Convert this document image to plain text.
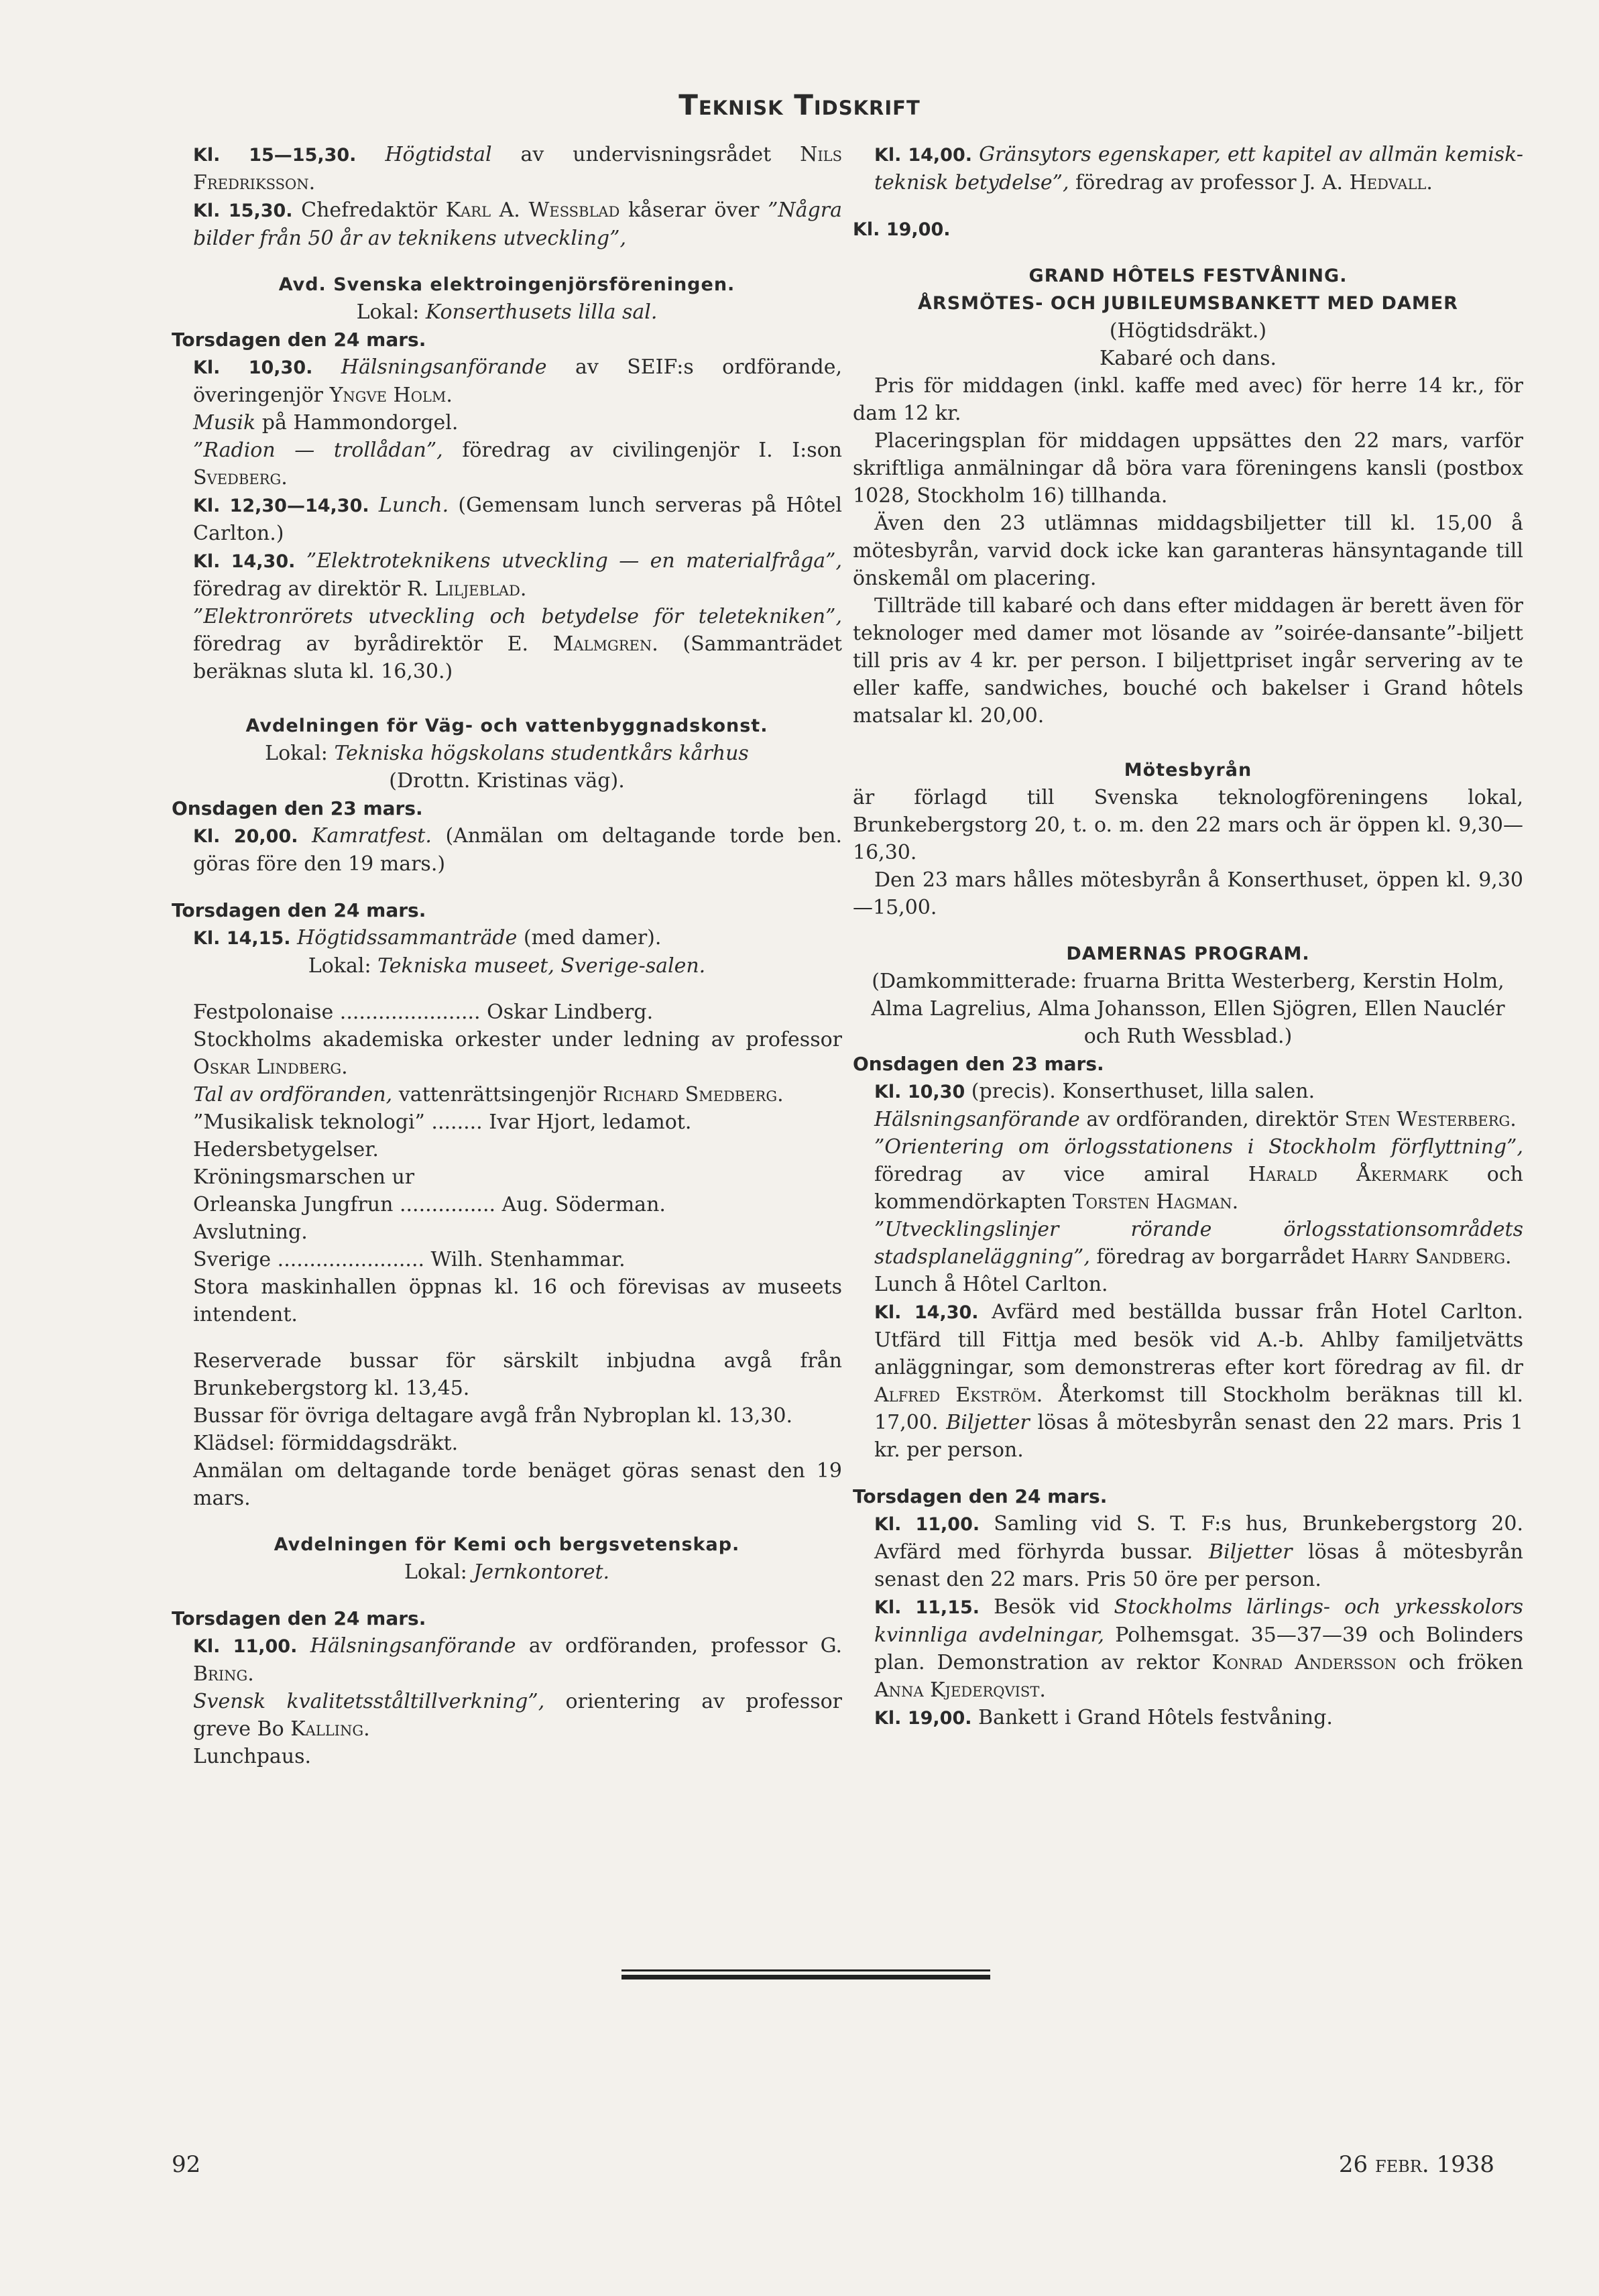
Teknisk Tidskrift

Kl. 15—15,30. Högtidstal av undervisningsrådet Nils Fredriksson.

Kl. 15,30. Chefredaktör Karl A. Wessblad kåserar över ”Några bilder från 50 år av teknikens utveckling”,

Avd. Svenska elektroingenjörsföreningen.

Lokal: Konserthusets lilla sal.

Torsdagen den 24 mars.

Kl. 10,30. Hälsningsanförande av SEIF:s ordförande, överingenjör Yngve Holm.

Musik på Hammondorgel.

”Radion — trollådan”, föredrag av civilingenjör I. I:son Svedberg.

Kl. 12,30—14,30. Lunch. (Gemensam lunch serveras på Hôtel Carlton.)

Kl. 14,30. ”Elektroteknikens utveckling — en materialfråga”, föredrag av direktör R. Liljeblad.

”Elektronrörets utveckling och betydelse för teletekniken”, föredrag av byrådirektör E. Malmgren. (Sammanträdet beräknas sluta kl. 16,30.)

Avdelningen för Väg- och vattenbyggnadskonst.

Lokal: Tekniska högskolans studentkårs kårhus

(Drottn. Kristinas väg).

Onsdagen den 23 mars.

Kl. 20,00. Kamratfest. (Anmälan om deltagande torde ben. göras före den 19 mars.)

Torsdagen den 24 mars.

Kl. 14,15. Högtidssammanträde (med damer).

Lokal: Tekniska museet, Sverige-salen.

Festpolonaise ...................... Oskar Lindberg.

Stockholms akademiska orkester under ledning av professor Oskar Lindberg.

Tal av ordföranden, vattenrättsingenjör Richard Smedberg.

”Musikalisk teknologi” ........ Ivar Hjort, ledamot.

Hedersbetygelser.

Kröningsmarschen ur

Orleanska Jungfrun ............... Aug. Söderman.

Avslutning.

Sverige ....................... Wilh. Stenhammar.

Stora maskinhallen öppnas kl. 16 och förevisas av museets intendent.

Reserverade bussar för särskilt inbjudna avgå från Brunkebergstorg kl. 13,45.

Bussar för övriga deltagare avgå från Nybroplan kl. 13,30.

Klädsel: förmiddagsdräkt.

Anmälan om deltagande torde benäget göras senast den 19 mars.

Avdelningen för Kemi och bergsvetenskap.

Lokal: Jernkontoret.

Torsdagen den 24 mars.

Kl. 11,00. Hälsningsanförande av ordföranden, professor G. Bring.

Svensk kvalitetsståltillverkning”, orientering av professor greve Bo Kalling.

Lunchpaus.

Kl. 14,00. Gränsytors egenskaper, ett kapitel av allmän kemisk-teknisk betydelse”, föredrag av professor J. A. Hedvall.

Kl. 19,00.

GRAND HÔTELS FESTVÅNING.

ÅRSMÖTES- OCH JUBILEUMSBANKETT MED DAMER

(Högtidsdräkt.)

Kabaré och dans.

Pris för middagen (inkl. kaffe med avec) för herre 14 kr., för dam 12 kr.

Placeringsplan för middagen uppsättes den 22 mars, varför skriftliga anmälningar då böra vara föreningens kansli (postbox 1028, Stockholm 16) tillhanda.

Även den 23 utlämnas middagsbiljetter till kl. 15,00 å mötesbyrån, varvid dock icke kan garanteras hänsyntagande till önskemål om placering.

Tillträde till kabaré och dans efter middagen är berett även för teknologer med damer mot lösande av ”soirée-dansante”-biljett till pris av 4 kr. per person. I biljettpriset ingår servering av te eller kaffe, sandwiches, bouché och bakelser i Grand hôtels matsalar kl. 20,00.

Mötesbyrån

är förlagd till Svenska teknologföreningens lokal, Brunkebergstorg 20, t. o. m. den 22 mars och är öppen kl. 9,30—16,30.

Den 23 mars hålles mötesbyrån å Konserthuset, öppen kl. 9,30—15,00.

DAMERNAS PROGRAM.

(Damkommitterade: fruarna Britta Westerberg, Kerstin Holm, Alma Lagrelius, Alma Johansson, Ellen Sjögren, Ellen Nauclér och Ruth Wessblad.)

Onsdagen den 23 mars.

Kl. 10,30 (precis). Konserthuset, lilla salen.

Hälsningsanförande av ordföranden, direktör Sten Westerberg.

”Orientering om örlogsstationens i Stockholm förflyttning”, föredrag av vice amiral Harald Åkermark och kommendörkapten Torsten Hagman.

”Utvecklingslinjer rörande örlogsstationsområdets stadsplaneläggning”, föredrag av borgarrådet Harry Sandberg.

Lunch å Hôtel Carlton.

Kl. 14,30. Avfärd med beställda bussar från Hotel Carlton. Utfärd till Fittja med besök vid A.-b. Ahlby familjetvätts anläggningar, som demonstreras efter kort föredrag av fil. dr Alfred Ekström. Återkomst till Stockholm beräknas till kl. 17,00. Biljetter lösas å mötesbyrån senast den 22 mars. Pris 1 kr. per person.

Torsdagen den 24 mars.

Kl. 11,00. Samling vid S. T. F:s hus, Brunkebergstorg 20. Avfärd med förhyrda bussar. Biljetter lösas å mötesbyrån senast den 22 mars. Pris 50 öre per person.

Kl. 11,15. Besök vid Stockholms lärlings- och yrkesskolors kvinnliga avdelningar, Polhemsgat. 35—37—39 och Bolinders plan. Demonstration av rektor Konrad Andersson och fröken Anna Kjederqvist.

Kl. 19,00. Bankett i Grand Hôtels festvåning.

92	26 febr. 1938
